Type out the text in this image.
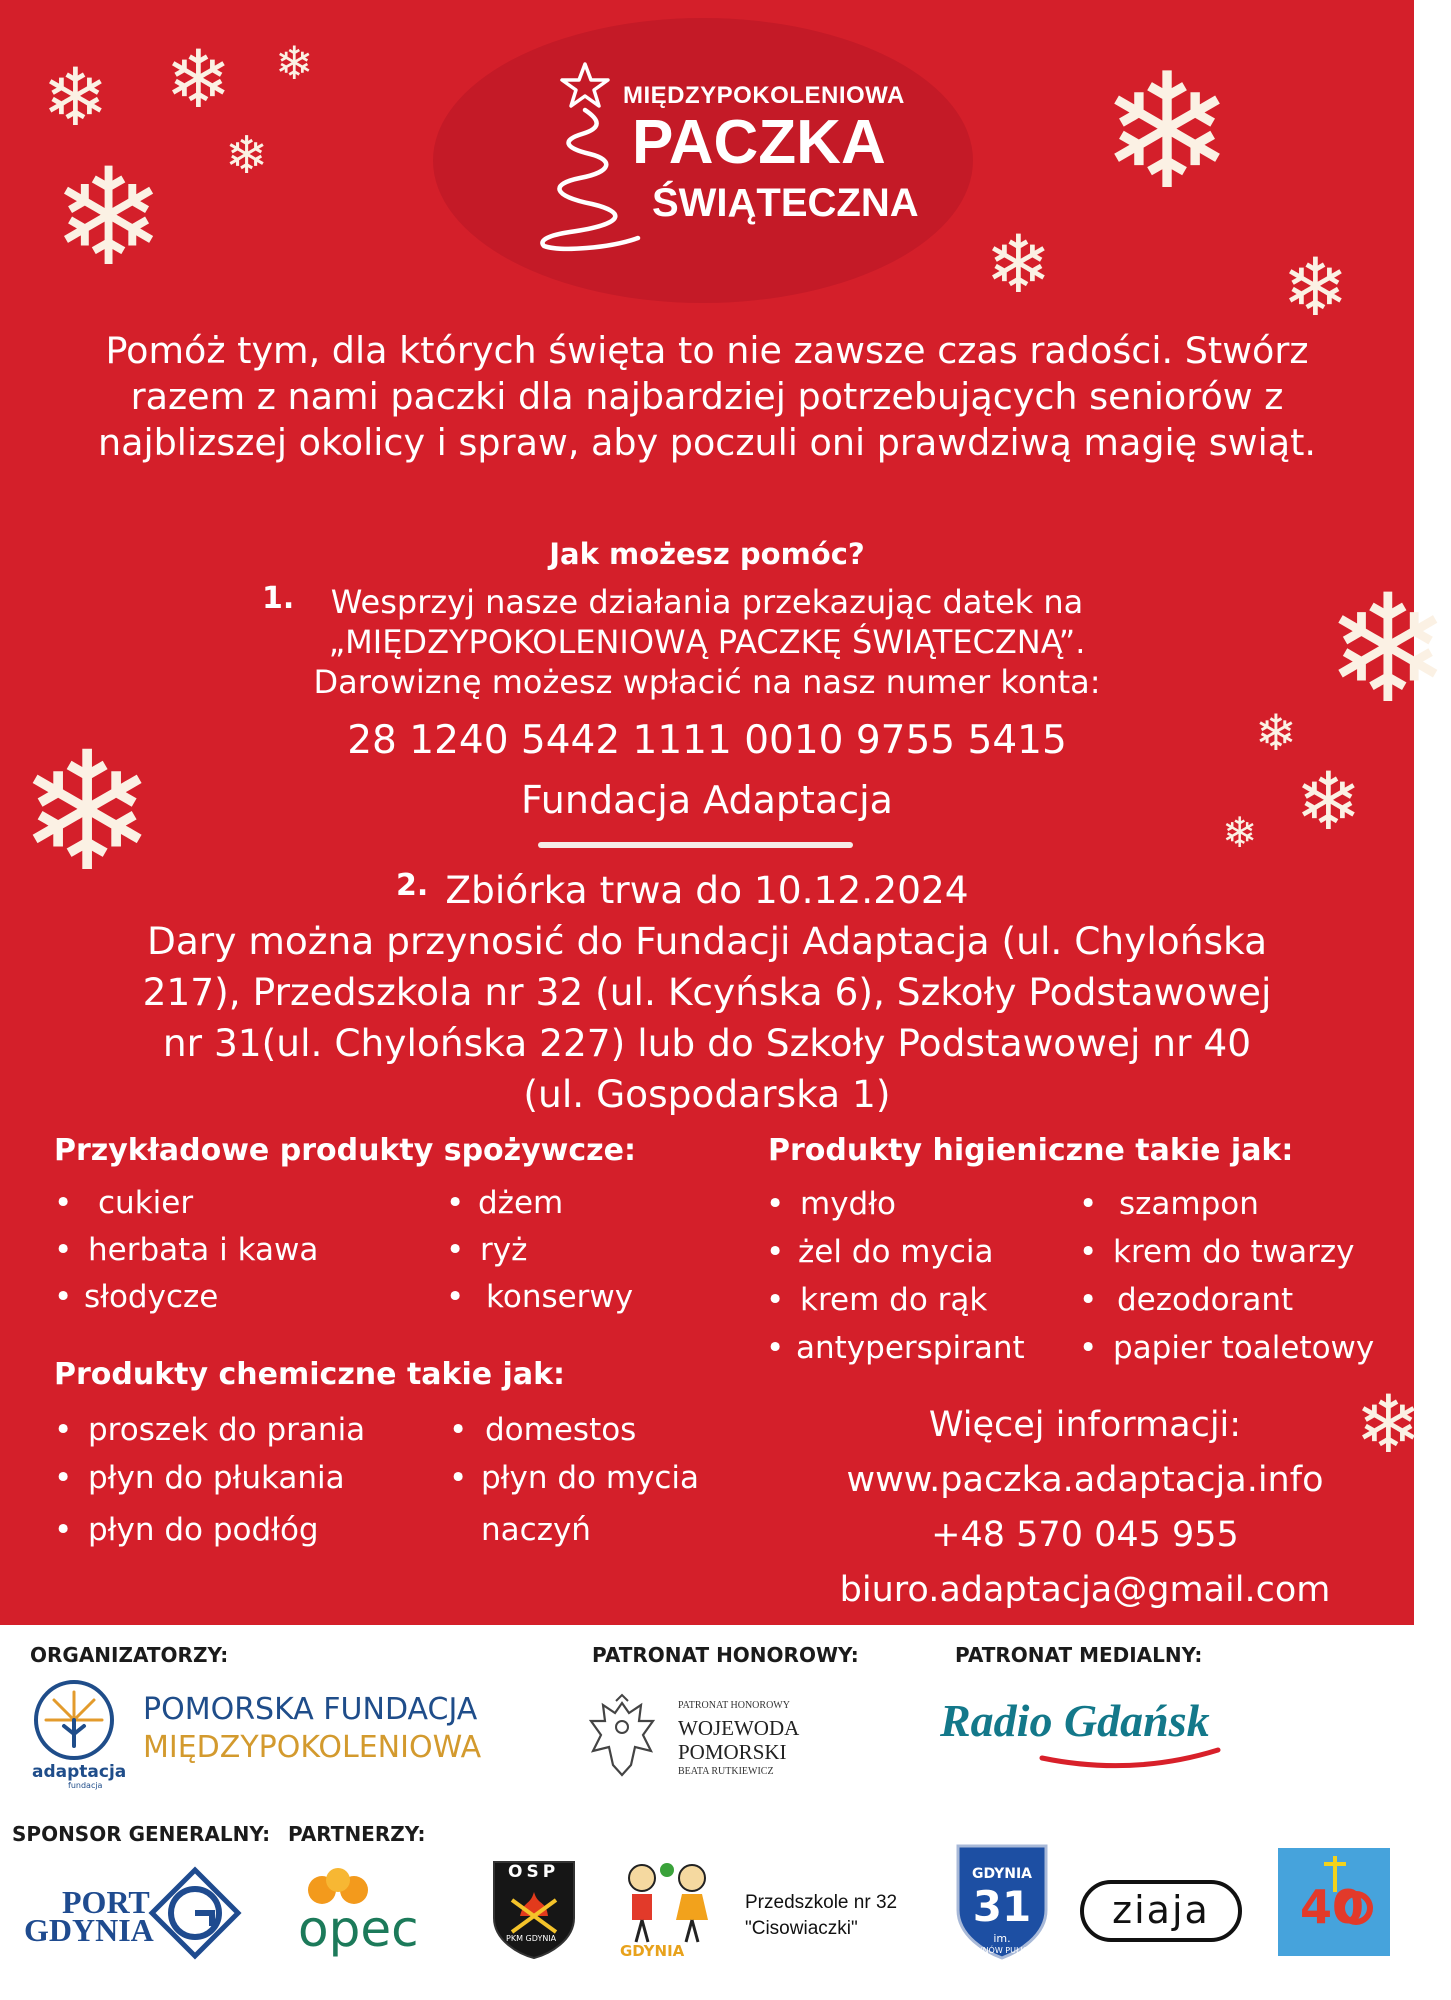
❄ ❄ ❄
❄
❄	❄
❄	❄
❄
❄
❄
❄
❄
❄
MIĘDZYPOKOLENIOWA
PACZKA
ŚWIĄTECZNA
Pomóż tym, dla których święta to nie zawsze czas radości. Stwórz razem z nami paczki dla najbardziej potrzebujących seniorów z najblizszej okolicy i spraw, aby poczuli oni prawdziwą magię swiąt.
Jak możesz pomóc?
1.	Wesprzyj nasze działania przekazując datek na
„MIĘDZYPOKOLENIOWĄ PACZKĘ ŚWIĄTECZNĄ”.
Darowiznę możesz wpłacić na nasz numer konta:
28 1240 5442 1111 0010 9755 5415
Fundacja Adaptacja
2. Zbiórka trwa do 10.12.2024
Dary można przynosić do Fundacji Adaptacja (ul. Chylońska
217), Przedszkola nr 32 (ul. Kcyńska 6), Szkoły Podstawowej
nr 31(ul. Chylońska 227) lub do Szkoły Podstawowej nr 40
(ul. Gospodarska 1)
Przykładowe produkty spożywcze:
• cukier
• herbata i kawa
• słodycze
• dżem
• ryż
• konserwy
Produkty higieniczne takie jak:
• mydło
• żel do mycia
• krem do rąk
• antyperspirant
• szampon
• krem do twarzy
• dezodorant
• papier toaletowy
Produkty chemiczne takie jak:
• proszek do prania
• płyn do płukania
• płyn do podłóg
• domestos
• płyn do mycia
naczyń
Więcej informacji:
www.paczka.adaptacja.info
+48 570 045 955
biuro.adaptacja@gmail.com
ORGANIZATORZY:	PATRONAT HONOROWY:	PATRONAT MEDIALNY:
adaptacja
fundacja
POMORSKA FUNDACJA
MIĘDZYPOKOLENIOWA
PATRONAT HONOROWY
WOJEWODA
POMORSKI
BEATA RUTKIEWICZ
Radio Gdańsk
SPONSOR GENERALNY: PARTNERZY:
PORT
GDYNIA	opec
OSP
PKM GDYNIA
GDYNIA
Przedszkole nr 32
"Cisowiaczki"
GDYNIA
31
im.
SYNÓW PUŁKU
ziaja	40
